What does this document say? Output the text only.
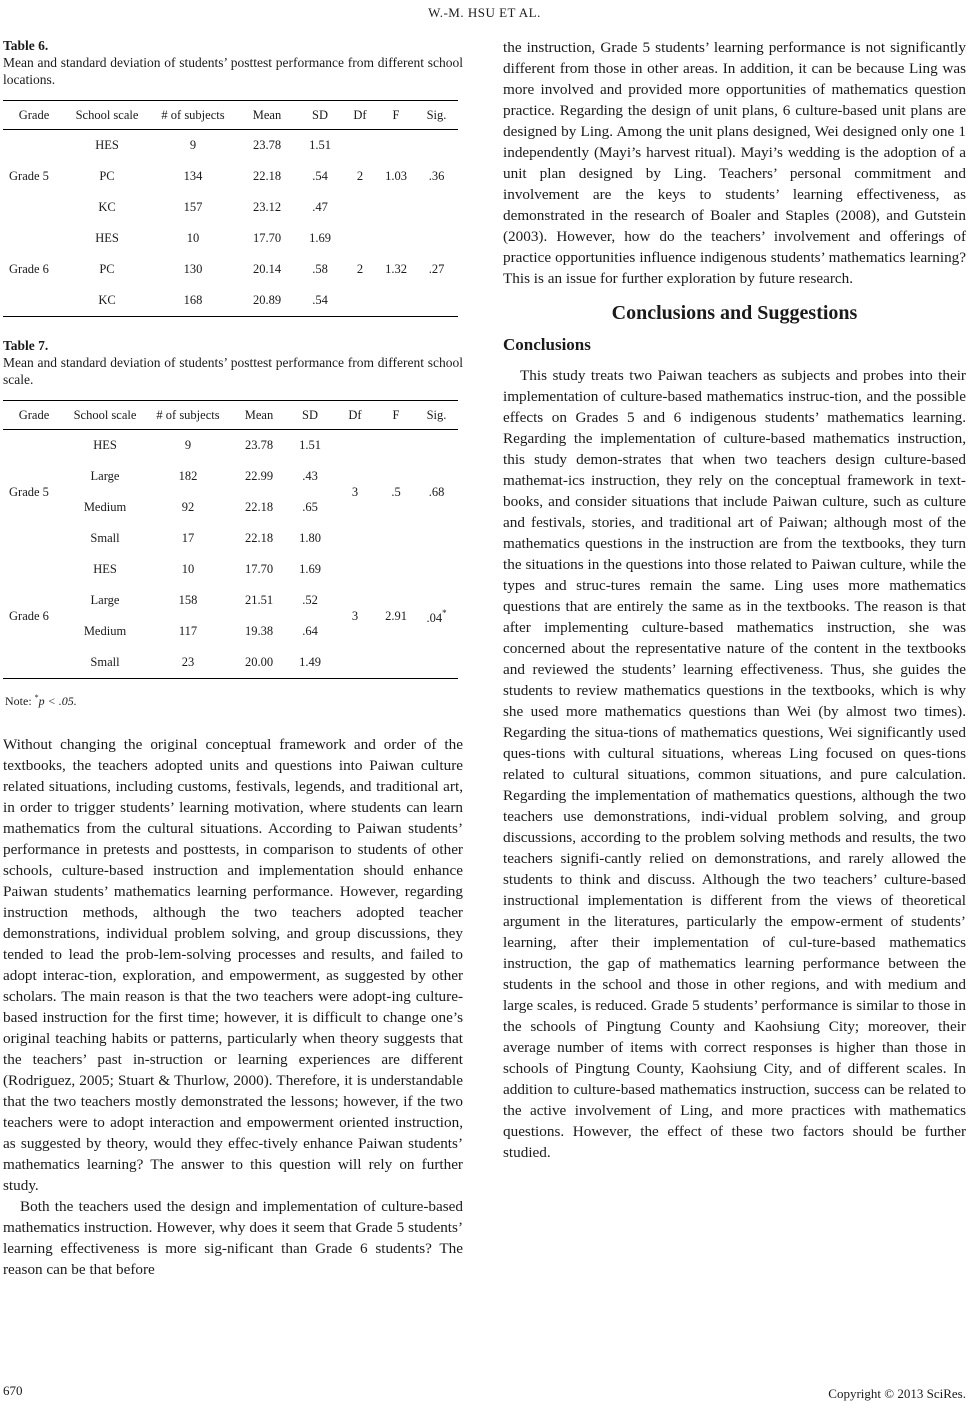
W.-M. HSU ET AL.

Table 6.

Mean and standard deviation of students’ posttest performance from different school locations.

Grade	School scale	# of subjects	Mean	SD	Df	F	Sig.
Grade 5	HES	9	23.78	1.51	2	1.03	.36
	PC	134	22.18	.54			
	KC	157	23.12	.47			
Grade 6	HES	10	17.70	1.69	2	1.32	.27
	PC	130	20.14	.58			
	KC	168	20.89	.54			

Table 7.

Mean and standard deviation of students’ posttest performance from different school scale.

Grade	School scale	# of subjects	Mean	SD	Df	F	Sig.
Grade 5	HES	9	23.78	1.51	3	.5	.68
	Large	182	22.99	.43			
	Medium	92	22.18	.65			
	Small	17	22.18	1.80			
Grade 6	HES	10	17.70	1.69	3	2.91	.04*
	Large	158	21.51	.52			
	Medium	117	19.38	.64			
	Small	23	20.00	1.49			

Note: *p < .05.

Without changing the original conceptual framework and order of the textbooks, the teachers adopted units and questions into Paiwan culture related situations, including customs, festivals, legends, and traditional art, in order to trigger students’ learning motivation, where students can learn mathematics from the cultural situations. According to Paiwan students’ performance in pretests and posttests, in comparison to students of other schools, culture-based instruction and implementation should enhance Paiwan students’ mathematics learning performance. However, regarding instruction methods, although the two teachers adopted teacher demonstrations, individual problem solving, and group discussions, they tended to lead the prob-lem-solving processes and results, and failed to adopt interac-tion, exploration, and empowerment, as suggested by other scholars. The main reason is that the two teachers were adopt-ing culture-based instruction for the first time; however, it is difficult to change one’s original teaching habits or patterns, particularly when theory suggests that the teachers’ past in-struction or learning experiences are different (Rodriguez, 2005; Stuart & Thurlow, 2000). Therefore, it is understandable that the two teachers mostly demonstrated the lessons; however, if the two teachers were to adopt interaction and empowerment oriented instruction, as suggested by theory, would they effec-tively enhance Paiwan students’ mathematics learning? The answer to this question will rely on further study.

Both the teachers used the design and implementation of culture-based mathematics instruction. However, why does it seem that Grade 5 students’ learning effectiveness is more sig-nificant than Grade 6 students? The reason can be that before

the instruction, Grade 5 students’ learning performance is not significantly different from those in other areas. In addition, it can be because Ling was more involved and provided more opportunities of mathematics question practice. Regarding the design of unit plans, 6 culture-based unit plans are designed by Ling. Among the unit plans designed, Wei designed only one 1 independently (Mayi’s harvest ritual). Mayi’s wedding is the adoption of a unit plan designed by Ling. Teachers’ personal commitment and involvement are the keys to students’ learning effectiveness, as demonstrated in the research of Boaler and Staples (2008), and Gutstein (2003). However, how do the teachers’ involvement and offerings of practice opportunities influence indigenous students’ mathematics learning? This is an issue for further exploration by future research.

Conclusions and Suggestions
Conclusions

This study treats two Paiwan teachers as subjects and probes into their implementation of culture-based mathematics instruc-tion, and the possible effects on Grades 5 and 6 indigenous students’ mathematics learning. Regarding the implementation of culture-based mathematics instruction, this study demon-strates that when two teachers design culture-based mathemat-ics instruction, they rely on the conceptual framework in text-books, and consider situations that include Paiwan culture, such as culture and festivals, stories, and traditional art of Paiwan; although most of the mathematics questions in the instruction are from the textbooks, they turn the situations in the questions into those related to Paiwan culture, while the types and struc-tures remain the same. Ling uses more mathematics questions that are entirely the same as in the textbooks. The reason is that after implementing culture-based mathematics instruction, she was concerned about the representative nature of the content in the textbooks and reviewed the students’ learning effectiveness. Thus, she guides the students to review mathematics questions in the textbooks, which is why she used more mathematics questions than Wei (by almost two times). Regarding the situa-tions of mathematics questions, Wei significantly used ques-tions with cultural situations, whereas Ling focused on ques-tions related to cultural situations, common situations, and pure calculation. Regarding the implementation of mathematics questions, although the two teachers use demonstrations, indi-vidual problem solving, and group discussions, according to the problem solving methods and results, the two teachers signifi-cantly relied on demonstrations, and rarely allowed the students to think and discuss. Although the two teachers’ culture-based instructional implementation is different from the views of theoretical argument in the literatures, particularly the empow-erment of students’ learning, after their implementation of cul-ture-based mathematics instruction, the gap of mathematics learning performance between the students in the school and those in other regions, and with medium and large scales, is reduced. Grade 5 students’ performance is similar to those in the schools of Pingtung County and Kaohsiung City; moreover, their average number of items with correct responses is higher than those in schools of Pingtung County, Kaohsiung City, and of different scales. In addition to culture-based mathematics instruction, success can be related to the active involvement of Ling, and more practices with mathematics questions. However, the effect of these two factors should be further studied.

670	Copyright © 2013 SciRes.
